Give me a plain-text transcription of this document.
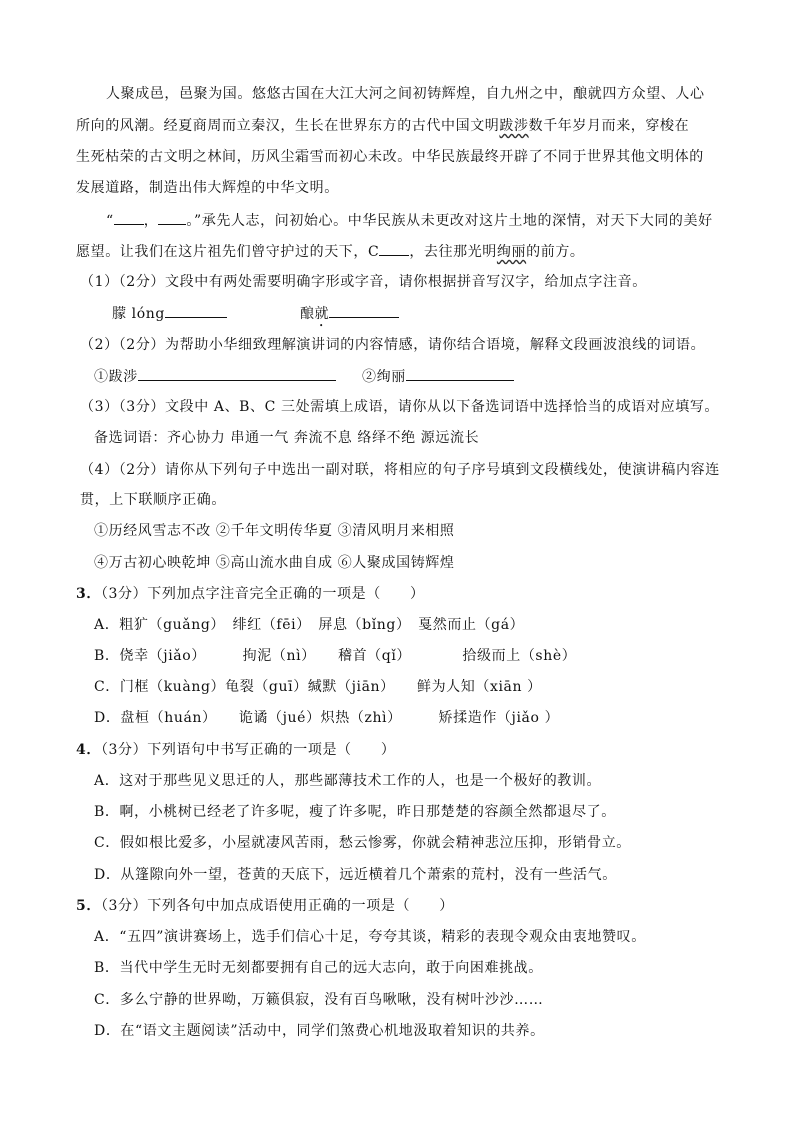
人聚成邑，邑聚为国。悠悠古国在大江大河之间初铸辉煌，自九州之中，酿就四方众望、人心
所向的风潮。经夏商周而立秦汉，生长在世界东方的古代中国文明跋涉数千年岁月而来，穿梭在
生死枯荣的古文明之林间，历风尘霜雪而初心未改。中华民族最终开辟了不同于世界其他文明体的
发展道路，制造出伟大辉煌的中华文明。
“ ， 。”承先人志，问初始心。中华民族从未更改对这片土地的深情，对天下大同的美好
愿望。让我们在这片祖先们曾守护过的天下，C ，去往那光明绚丽的前方。
（1）（2分）文段中有两处需要明确字形或字音，请你根据拼音写汉字，给加点字注音。
朦 lóng	酿就
（2）（2分）为帮助小华细致理解演讲词的内容情感，请你结合语境，解释文段画波浪线的词语。
①跋涉	②绚丽
（3）（3分）文段中 A、B、C 三处需填上成语，请你从以下备选词语中选择恰当的成语对应填写。
备选词语：齐心协力 串通一气 奔流不息 络绎不绝 源远流长
（4）（2分）请你从下列句子中选出一副对联，将相应的句子序号填到文段横线处，使演讲稿内容连
贯，上下联顺序正确。
①历经风雪志不改 ②千年文明传华夏 ③清风明月来相照
④万古初心映乾坤 ⑤高山流水曲自成 ⑥人聚成国铸辉煌
3．（3分）下列加点字注音完全正确的一项是（　　）
A．粗犷（guǎng）　绯红（fēi）　屏息（bǐng）　戛然而止（gá）
B．侥幸（jiǎo）　　　拘泥（nì）　　稽首（qǐ）　　　　拾级而上（shè）
C．门框（kuàng）龟裂（guī）缄默（jiān）　　鲜为人知（xiān ）
D．盘桓（huán）　　诡谲（jué）炽热（zhì）　　　矫揉造作（jiǎo ）
4．（3分）下列语句中书写正确的一项是（　　）
A．这对于那些见义思迁的人，那些鄙薄技术工作的人，也是一个极好的教训。
B．啊，小桃树已经老了许多呢，瘦了许多呢，昨日那楚楚的容颜全然都退尽了。
C．假如根比爱多，小屋就凄风苦雨，愁云惨雾，你就会精神悲泣压抑，形销骨立。
D．从篷隙向外一望，苍黄的天底下，远近横着几个萧索的荒村，没有一些活气。
5．（3分）下列各句中加点成语使用正确的一项是（　　）
A．“五四”演讲赛场上，选手们信心十足，夸夸其谈，精彩的表现令观众由衷地赞叹。
B．当代中学生无时无刻都要拥有自己的远大志向，敢于向困难挑战。
C．多么宁静的世界呦，万籁俱寂，没有百鸟啾啾，没有树叶沙沙……
D．在“语文主题阅读”活动中，同学们煞费心机地汲取着知识的共养。
